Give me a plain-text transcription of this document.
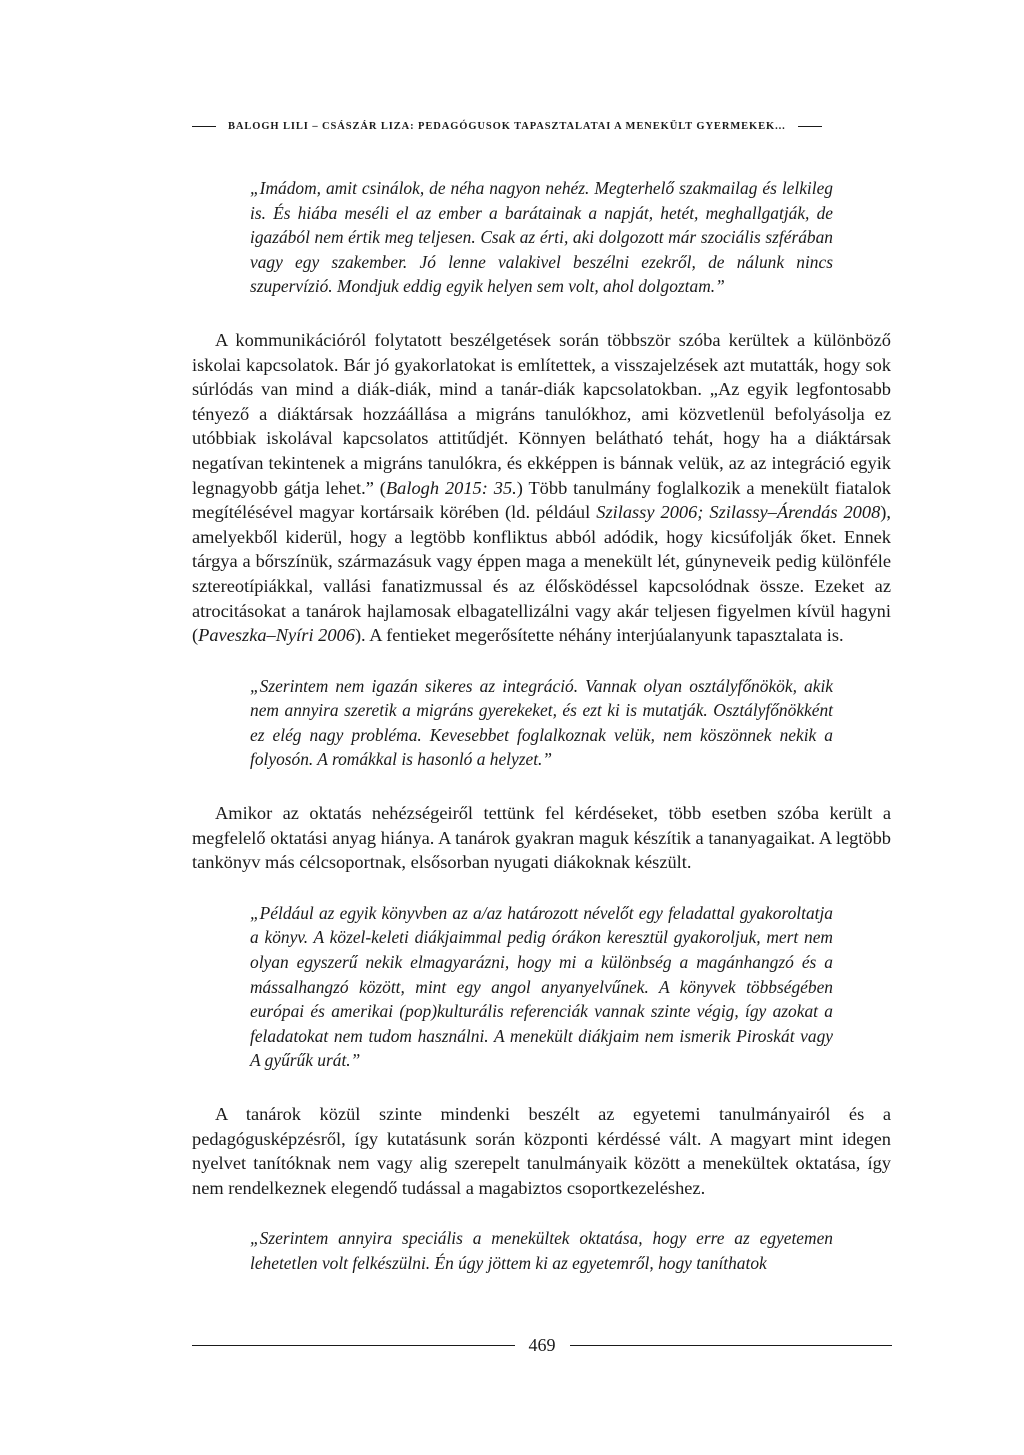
BALOGH LILI – CSÁSZÁR LIZA: PEDAGÓGUSOK TAPASZTALATAI A MENEKÜLT GYERMEKEK...

„Imádom, amit csinálok, de néha nagyon nehéz. Megterhelő szakmailag és lelkileg is. És hiába meséli el az ember a barátainak a napját, hetét, meghallgatják, de igazából nem értik meg teljesen. Csak az érti, aki dolgozott már szociális szférában vagy egy szakember. Jó lenne valakivel beszélni ezekről, de nálunk nincs szupervízió. Mondjuk eddig egyik helyen sem volt, ahol dolgoztam.”

A kommunikációról folytatott beszélgetések során többször szóba kerültek a különböző iskolai kapcsolatok. Bár jó gyakorlatokat is említettek, a visszajelzések azt mutatták, hogy sok súrlódás van mind a diák-diák, mind a tanár-diák kapcsolatokban. „Az egyik legfontosabb tényező a diáktársak hozzáállása a migráns tanulókhoz, ami közvetlenül befolyásolja ez utóbbiak iskolával kapcsolatos attitűdjét. Könnyen belátható tehát, hogy ha a diáktársak negatívan tekintenek a migráns tanulókra, és ekképpen is bánnak velük, az az integráció egyik legnagyobb gátja lehet.” (Balogh 2015: 35.) Több tanulmány foglalkozik a menekült fiatalok megítélésével magyar kortársaik körében (ld. például Szilassy 2006; Szilassy–Árendás 2008), amelyekből kiderül, hogy a legtöbb konfliktus abból adódik, hogy kicsúfolják őket. Ennek tárgya a bőrszínük, származásuk vagy éppen maga a menekült lét, gúnyneveik pedig különféle sztereotípiákkal, vallási fanatizmussal és az élősködéssel kapcsolódnak össze. Ezeket az atrocitásokat a tanárok hajlamosak elbagatellizálni vagy akár teljesen figyelmen kívül hagyni (Paveszka–Nyíri 2006). A fentieket megerősítette néhány interjúalanyunk tapasztalata is.

„Szerintem nem igazán sikeres az integráció. Vannak olyan osztályfőnökök, akik nem annyira szeretik a migráns gyerekeket, és ezt ki is mutatják. Osztályfőnökként ez elég nagy probléma. Kevesebbet foglalkoznak velük, nem köszönnek nekik a folyosón. A romákkal is hasonló a helyzet.”

Amikor az oktatás nehézségeiről tettünk fel kérdéseket, több esetben szóba került a megfelelő oktatási anyag hiánya. A tanárok gyakran maguk készítik a tananyagaikat. A legtöbb tankönyv más célcsoportnak, elsősorban nyugati diákoknak készült.

„Például az egyik könyvben az a/az határozott névelőt egy feladattal gyakoroltatja a könyv. A közel-keleti diákjaimmal pedig órákon keresztül gyakoroljuk, mert nem olyan egyszerű nekik elmagyarázni, hogy mi a különbség a magánhangzó és a mássalhangzó között, mint egy angol anyanyelvűnek. A könyvek többségében európai és amerikai (pop)kulturális referenciák vannak szinte végig, így azokat a feladatokat nem tudom használni. A menekült diákjaim nem ismerik Piroskát vagy A gyűrűk urát.”

A tanárok közül szinte mindenki beszélt az egyetemi tanulmányairól és a pedagógusképzésről, így kutatásunk során központi kérdéssé vált. A magyart mint idegen nyelvet tanítóknak nem vagy alig szerepelt tanulmányaik között a menekültek oktatása, így nem rendelkeznek elegendő tudással a magabiztos csoportkezeléshez.

„Szerintem annyira speciális a menekültek oktatása, hogy erre az egyetemen lehetetlen volt felkészülni. Én úgy jöttem ki az egyetemről, hogy taníthatok

469
